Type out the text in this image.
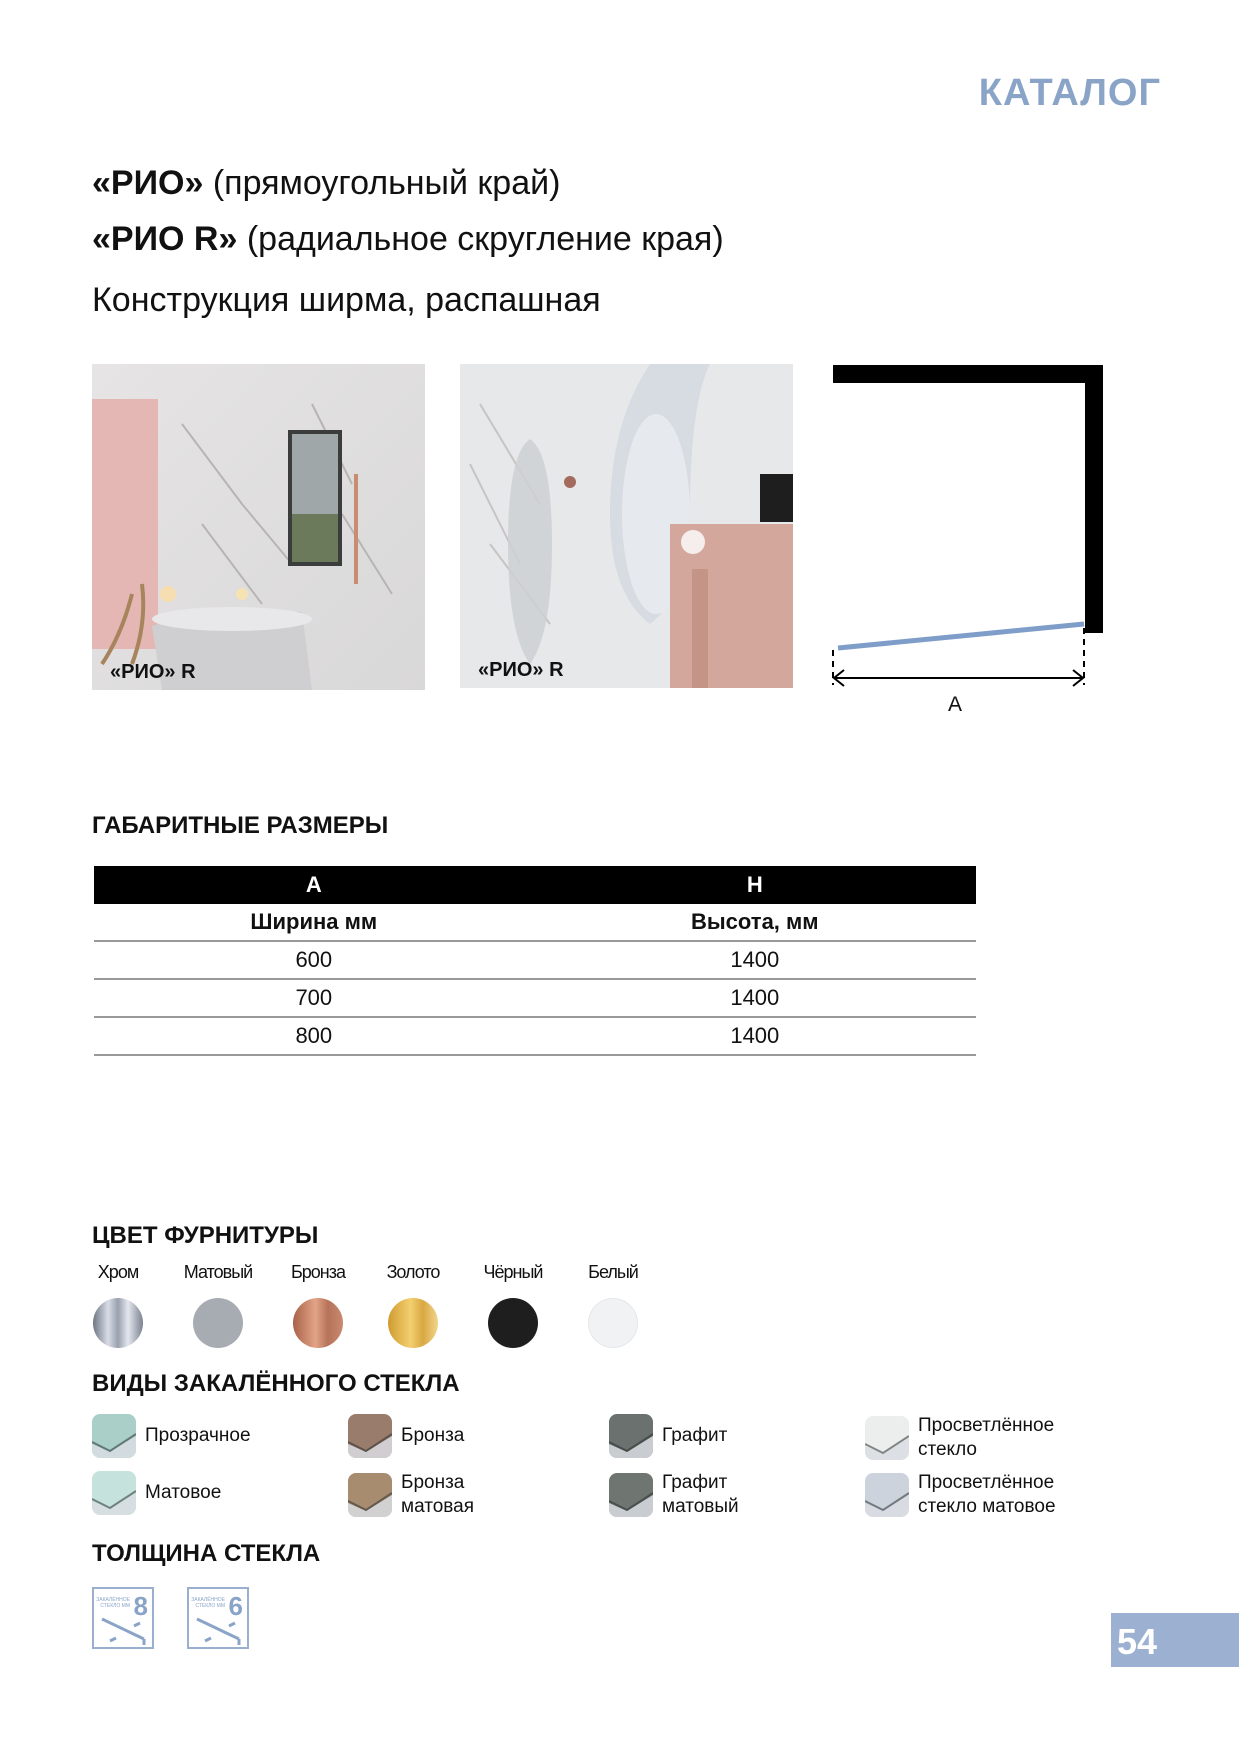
КАТАЛОГ
«РИО» (прямоугольный край)
«РИО R» (радиальное скругление края)
Конструкция ширма, распашная
«РИО» R	«РИО» R
A
ГАБАРИТНЫЕ РАЗМЕРЫ
A	H
Ширина мм	Высота, мм
600	1400
700	1400
800	1400
ЦВЕТ ФУРНИТУРЫ
Хром	Матовый	Бронза	Золото	Чёрный	Белый
ВИДЫ ЗАКАЛЁННОГО СТЕКЛА
Прозрачное
Матовое
Бронза
Бронза матовая
Графит
Графит матовый
Просветлённое стекло
Просветлённое стекло матовое
ТОЛЩИНА СТЕКЛА
ЗАКАЛЁННОЕ СТЕКЛО ММ 8	ЗАКАЛЁННОЕ СТЕКЛО ММ 6
54
